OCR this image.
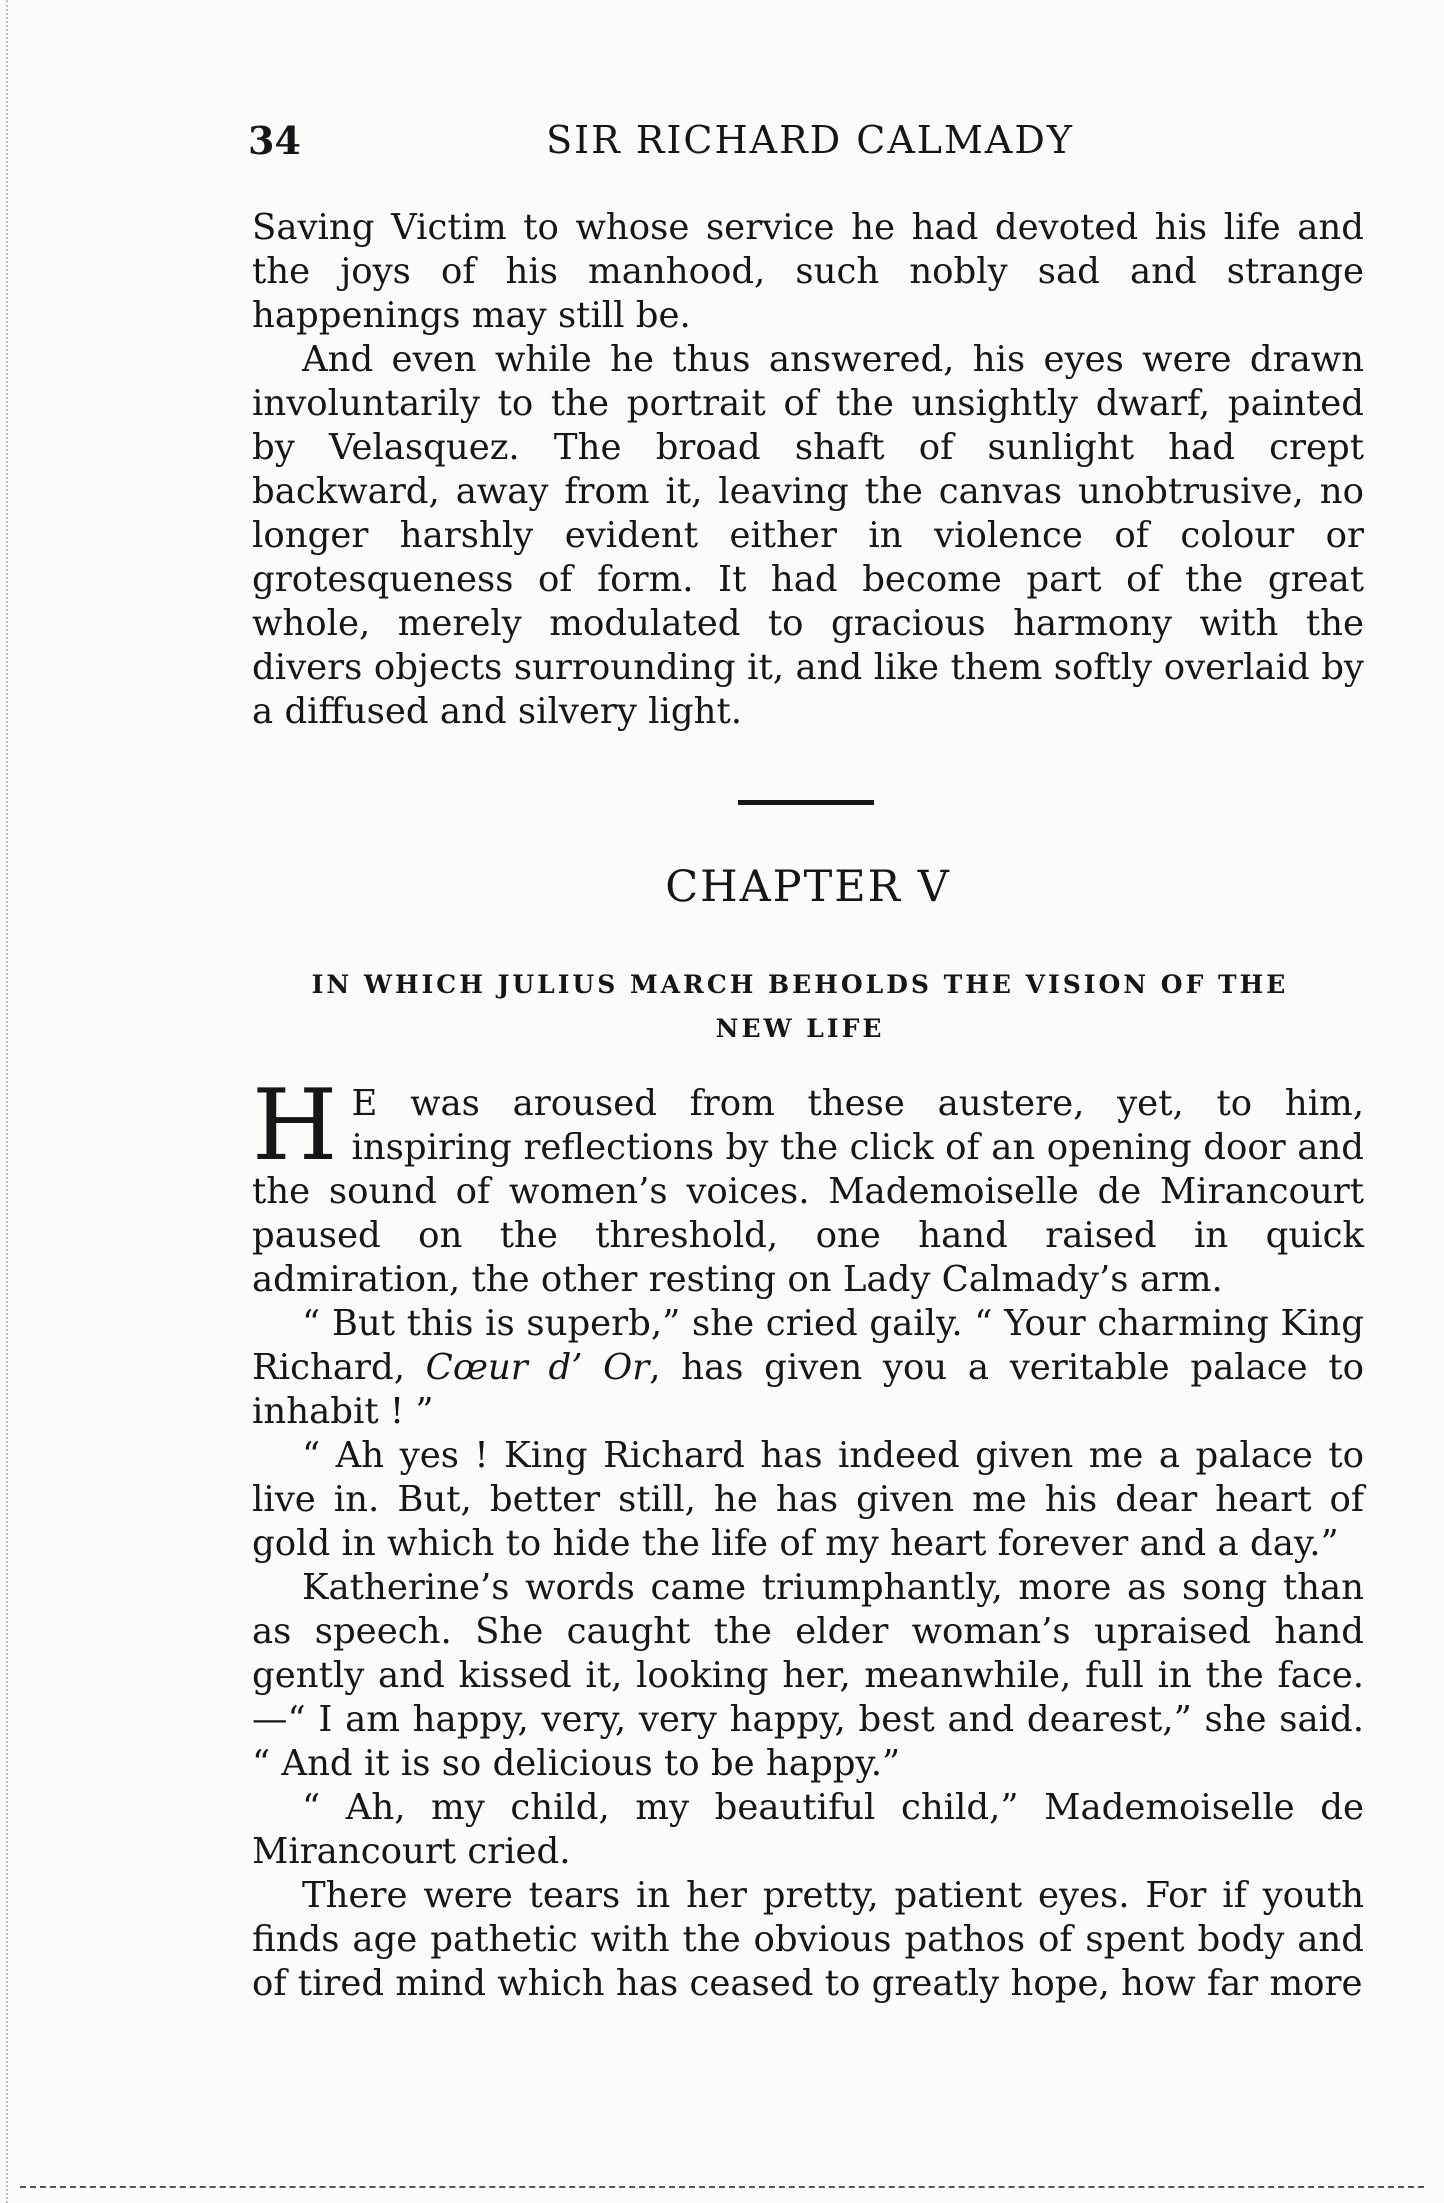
34	SIR RICHARD CALMADY

Saving Victim to whose service he had devoted his life and the joys of his manhood, such nobly sad and strange happenings may still be.

And even while he thus answered, his eyes were drawn involuntarily to the portrait of the unsightly dwarf, painted by Velasquez. The broad shaft of sunlight had crept backward, away from it, leaving the canvas unobtrusive, no longer harshly evident either in violence of colour or grotesqueness of form. It had become part of the great whole, merely modulated to gracious harmony with the divers objects surrounding it, and like them softly overlaid by a diffused and silvery light.

CHAPTER V
IN WHICH JULIUS MARCH BEHOLDS THE VISION OF THE NEW LIFE

H E was aroused from these austere, yet, to him, inspiring reflections by the click of an opening door and the sound of women’s voices. Mademoiselle de Mirancourt paused on the threshold, one hand raised in quick admiration, the other resting on Lady Calmady’s arm.

“ But this is superb,” she cried gaily. “ Your charming King Richard, Cœur d’ Or, has given you a veritable palace to inhabit ! ”

“ Ah yes ! King Richard has indeed given me a palace to live in. But, better still, he has given me his dear heart of gold in which to hide the life of my heart forever and a day.”

Katherine’s words came triumphantly, more as song than as speech. She caught the elder woman’s upraised hand gently and kissed it, looking her, meanwhile, full in the face.—“ I am happy, very, very happy, best and dearest,” she said. “ And it is so delicious to be happy.”

“ Ah, my child, my beautiful child,” Mademoiselle de Mirancourt cried.

There were tears in her pretty, patient eyes. For if youth finds age pathetic with the obvious pathos of spent body and of tired mind which has ceased to greatly hope, how far more
